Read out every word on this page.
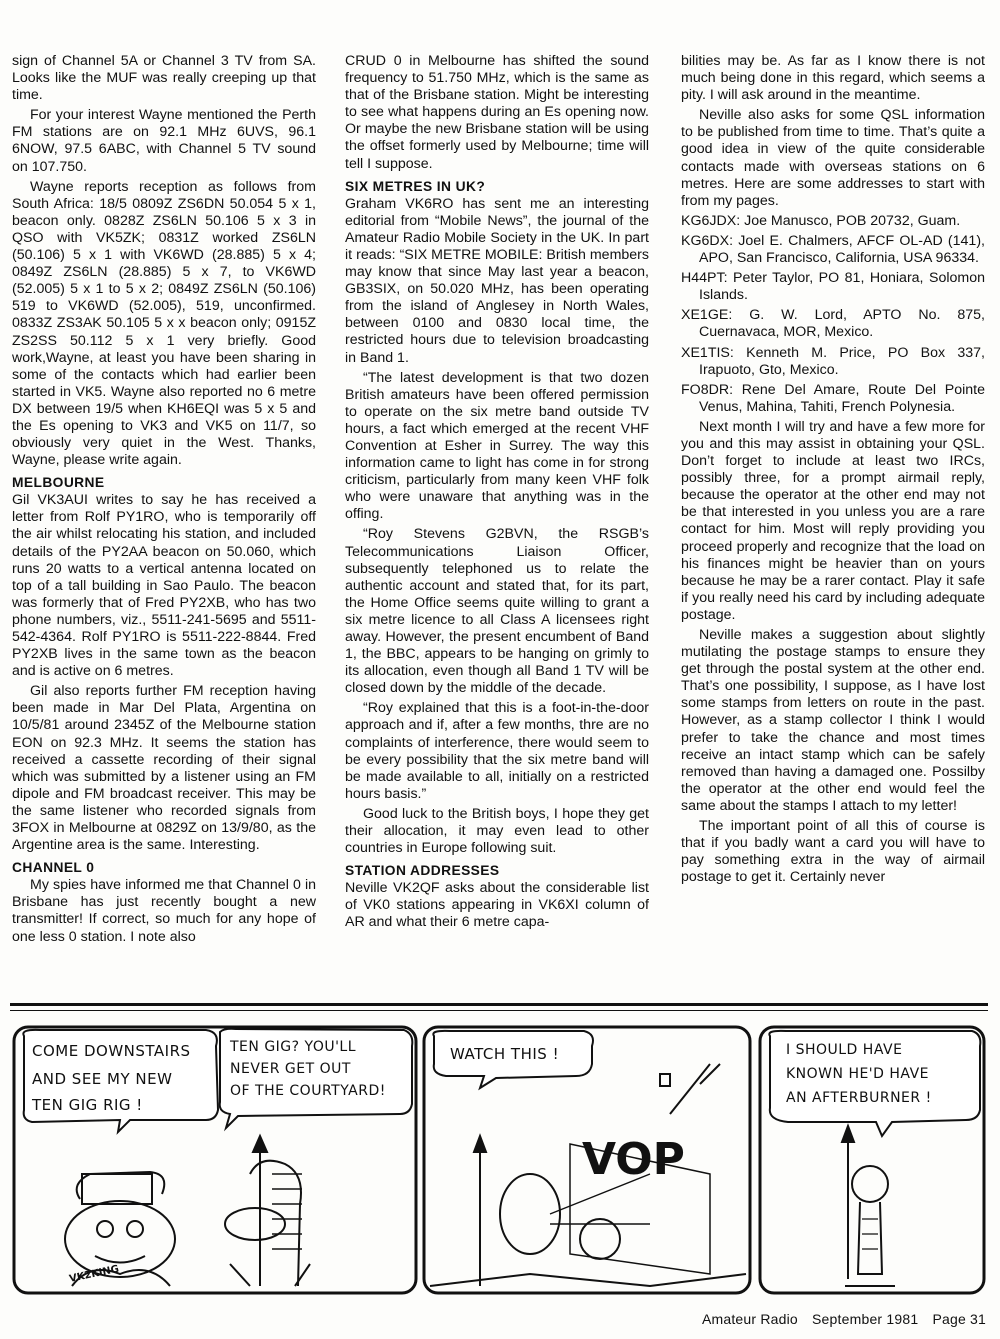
sign of Channel 5A or Channel 3 TV from SA. Looks like the MUF was really creeping up that time.

For your interest Wayne mentioned the Perth FM stations are on 92.1 MHz 6UVS, 96.1 6NOW, 97.5 6ABC, with Channel 5 TV sound on 107.750.

Wayne reports reception as follows from South Africa: 18/5 0809Z ZS6DN 50.054 5 x 1, beacon only. 0828Z ZS6LN 50.106 5 x 3 in QSO with VK5ZK; 0831Z worked ZS6LN (50.106) 5 x 1 with VK6WD (28.885) 5 x 4; 0849Z ZS6LN (28.885) 5 x 7, to VK6WD (52.005) 5 x 1 to 5 x 2; 0849Z ZS6LN (50.106) 519 to VK6WD (52.005), 519, unconfirmed. 0833Z ZS3AK 50.105 5 x x beacon only; 0915Z ZS2SS 50.112 5 x 1 very briefly. Good work,Wayne, at least you have been sharing in some of the contacts which had earlier been started in VK5. Wayne also reported no 6 metre DX between 19/5 when KH6EQI was 5 x 5 and the Es opening to VK3 and VK5 on 11/7, so obviously very quiet in the West. Thanks, Wayne, please write again.

MELBOURNE

Gil VK3AUI writes to say he has received a letter from Rolf PY1RO, who is temporarily off the air whilst relocating his station, and included details of the PY2AA beacon on 50.060, which runs 20 watts to a vertical antenna located on top of a tall building in Sao Paulo. The beacon was formerly that of Fred PY2XB, who has two phone numbers, viz., 5511-241-5695 and 5511-542-4364. Rolf PY1RO is 5511-222-8844. Fred PY2XB lives in the same town as the beacon and is active on 6 metres.

Gil also reports further FM reception having been made in Mar Del Plata, Argentina on 10/5/81 around 2345Z of the Melbourne station EON on 92.3 MHz. It seems the station has received a cassette recording of their signal which was submitted by a listener using an FM dipole and FM broadcast receiver. This may be the same listener who recorded signals from 3FOX in Melbourne at 0829Z on 13/9/80, as the Argentine area is the same. Interesting.

CHANNEL 0

My spies have informed me that Channel 0 in Brisbane has just recently bought a new transmitter! If correct, so much for any hope of one less 0 station. I note also

CRUD 0 in Melbourne has shifted the sound frequency to 51.750 MHz, which is the same as that of the Brisbane station. Might be interesting to see what happens during an Es opening now. Or maybe the new Brisbane station will be using the offset formerly used by Melbourne; time will tell I suppose.

SIX METRES IN UK?

Graham VK6RO has sent me an interesting editorial from “Mobile News”, the journal of the Amateur Radio Mobile Society in the UK. In part it reads: “SIX METRE MOBILE: British members may know that since May last year a beacon, GB3SIX, on 50.020 MHz, has been operating from the island of Anglesey in North Wales, between 0100 and 0830 local time, the restricted hours due to television broadcasting in Band 1.

“The latest development is that two dozen British amateurs have been offered permission to operate on the six metre band outside TV hours, a fact which emerged at the recent VHF Convention at Esher in Surrey. The way this information came to light has come in for strong criticism, particularly from many keen VHF folk who were unaware that anything was in the offing.

“Roy Stevens G2BVN, the RSGB’s Telecommunications Liaison Officer, subsequently telephoned us to relate the authentic account and stated that, for its part, the Home Office seems quite willing to grant a six metre licence to all Class A licensees right away. However, the present encumbent of Band 1, the BBC, appears to be hanging on grimly to its allocation, even though all Band 1 TV will be closed down by the middle of the decade.

“Roy explained that this is a foot-in-the-door approach and if, after a few months, thre are no complaints of interference, there would seem to be every possibility that the six metre band will be made available to all, initially on a restricted hours basis.”

Good luck to the British boys, I hope they get their allocation, it may even lead to other countries in Europe following suit.

STATION ADDRESSES

Neville VK2QF asks about the considerable list of VK0 stations appearing in VK6XI column of AR and what their 6 metre capa-

bilities may be. As far as I know there is not much being done in this regard, which seems a pity. I will ask around in the meantime.

Neville also asks for some QSL information to be published from time to time. That’s quite a good idea in view of the quite considerable contacts made with overseas stations on 6 metres. Here are some addresses to start with from my pages.

KG6JDX: Joe Manusco, POB 20732, Guam.

KG6DX: Joel E. Chalmers, AFCF OL-AD (141), APO, San Francisco, California, USA 96334.

H44PT: Peter Taylor, PO 81, Honiara, Solomon Islands.

XE1GE: G. W. Lord, APTO No. 875, Cuernavaca, MOR, Mexico.

XE1TIS: Kenneth M. Price, PO Box 337, Irapuoto, Gto, Mexico.

FO8DR: Rene Del Amare, Route Del Pointe Venus, Mahina, Tahiti, French Polynesia.

Next month I will try and have a few more for you and this may assist in obtaining your QSL. Don’t forget to include at least two IRCs, possibly three, for a prompt airmail reply, because the operator at the other end may not be that interested in you unless you are a rare contact for him. Most will reply providing you proceed properly and recognize that the load on his finances might be heavier than on yours because he may be a rarer contact. Play it safe if you really need his card by including adequate postage.

Neville makes a suggestion about slightly mutilating the postage stamps to ensure they get through the postal system at the other end. That’s one possibility, I suppose, as I have lost some stamps from letters on route in the past. However, as a stamp collector I think I would prefer to take the chance and most times receive an intact stamp which can be safely removed than having a damaged one. Possilby the operator at the other end would feel the same about the stamps I attach to my letter!

The important point of all this of course is that if you badly want a card you will have to pay something extra in the way of airmail postage to get it. Certainly never

COME DOWNSTAIRS AND SEE MY NEW TEN GIG RIG !
TEN GIG? YOU'LL NEVER GET OUT OF THE COURTYARD!
VK2KING
WATCH THIS !
VOP
I SHOULD HAVE KNOWN HE'D HAVE AN AFTERBURNER !
Amateur Radio September 1981 Page 31
